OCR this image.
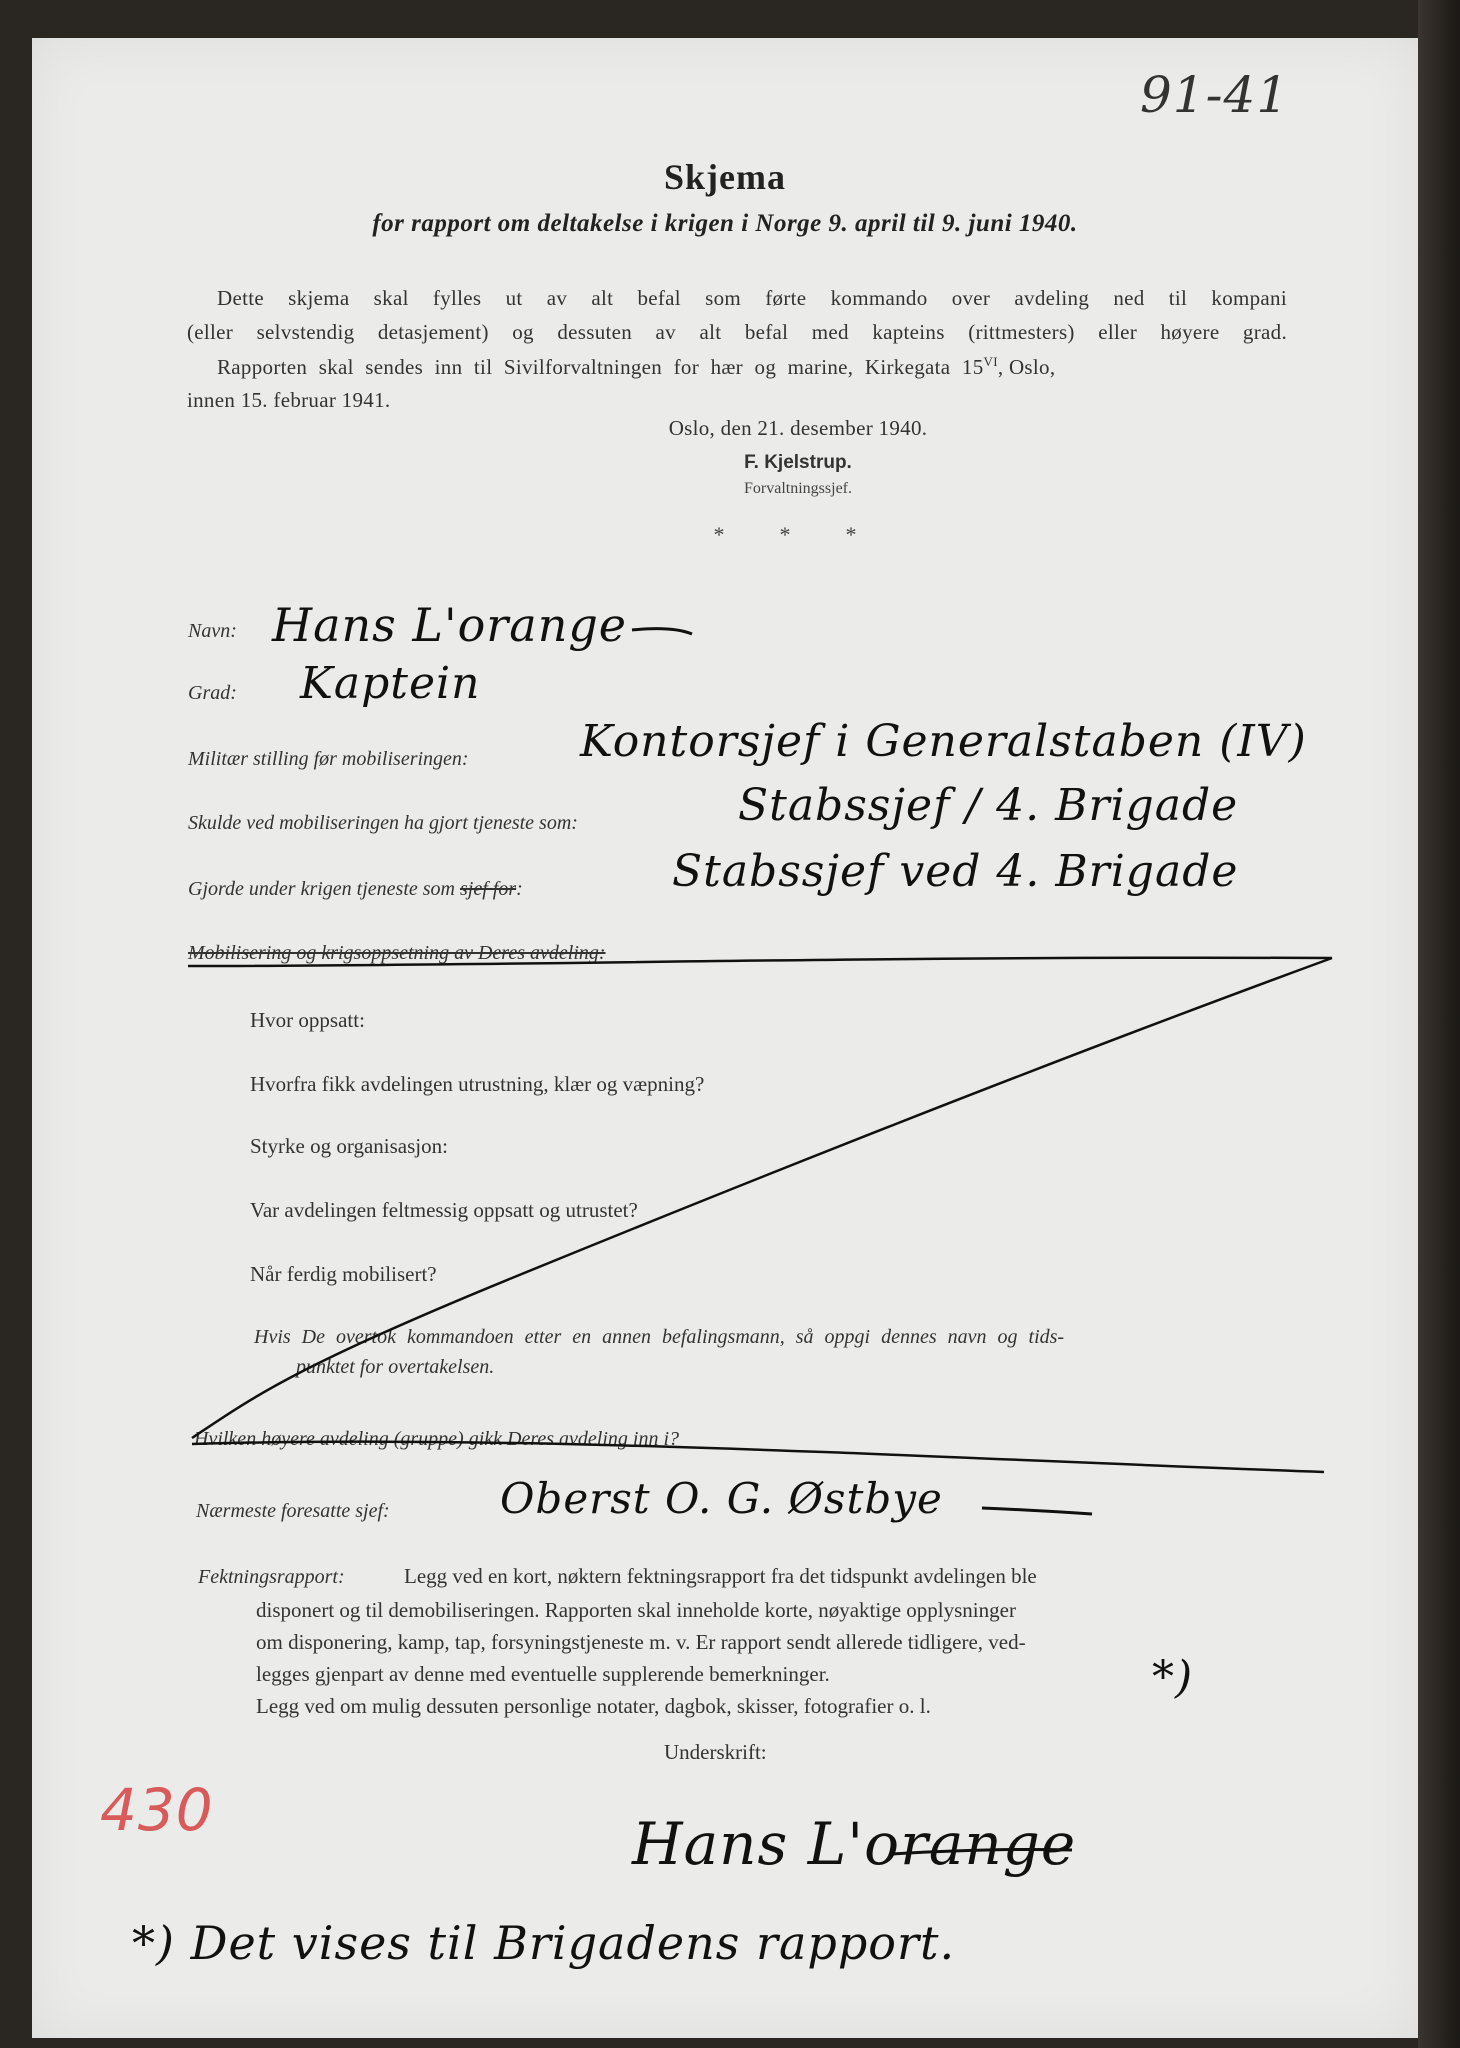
91-41
Skjema
for rapport om deltakelse i krigen i Norge 9. april til 9. juni 1940.
Dette skjema skal fylles ut av alt befal som førte kommando over avdeling ned til kompani
(eller selvstendig detasjement) og dessuten av alt befal med kapteins (rittmesters) eller høyere grad.
Rapporten skal sendes inn til Sivilforvaltningen for hær og marine, Kirkegata $15^{VI}$, Oslo,
innen 15. februar 1941.
Oslo, den 21. desember 1940.
F. Kjelstrup.
Forvaltningssjef.
*          *          *
Navn: Hans L'orange
Grad: Kaptein
Militær stilling før mobiliseringen:	Kontorsjef i Generalstaben (IV)
Skulde ved mobiliseringen ha gjort tjeneste som:	Stabssjef / 4. Brigade
Gjorde under krigen tjeneste som sjef for:	Stabssjef ved 4. Brigade
Mobilisering og krigsoppsetning av Deres avdeling:
Hvor oppsatt:
Hvorfra fikk avdelingen utrustning, klær og væpning?
Styrke og organisasjon:
Var avdelingen feltmessig oppsatt og utrustet?
Når ferdig mobilisert?
Hvis De overtok kommandoen etter en annen befalingsmann, så oppgi dennes navn og tids-
punktet for overtakelsen.
Hvilken høyere avdeling (gruppe) gikk Deres avdeling inn i?
Nærmeste foresatte sjef:	Oberst O. G. Østbye
Fektningsrapport:	Legg ved en kort, nøktern fektningsrapport fra det tidspunkt avdelingen ble
disponert og til demobiliseringen. Rapporten skal inneholde korte, nøyaktige opplysninger
om disponering, kamp, tap, forsyningstjeneste m. v. Er rapport sendt allerede tidligere, ved-
legges gjenpart av denne med eventuelle supplerende bemerkninger.
Legg ved om mulig dessuten personlige notater, dagbok, skisser, fotografier o. l.
*)
Underskrift:
Hans L'orange
430
*) Det vises til Brigadens rapport.
